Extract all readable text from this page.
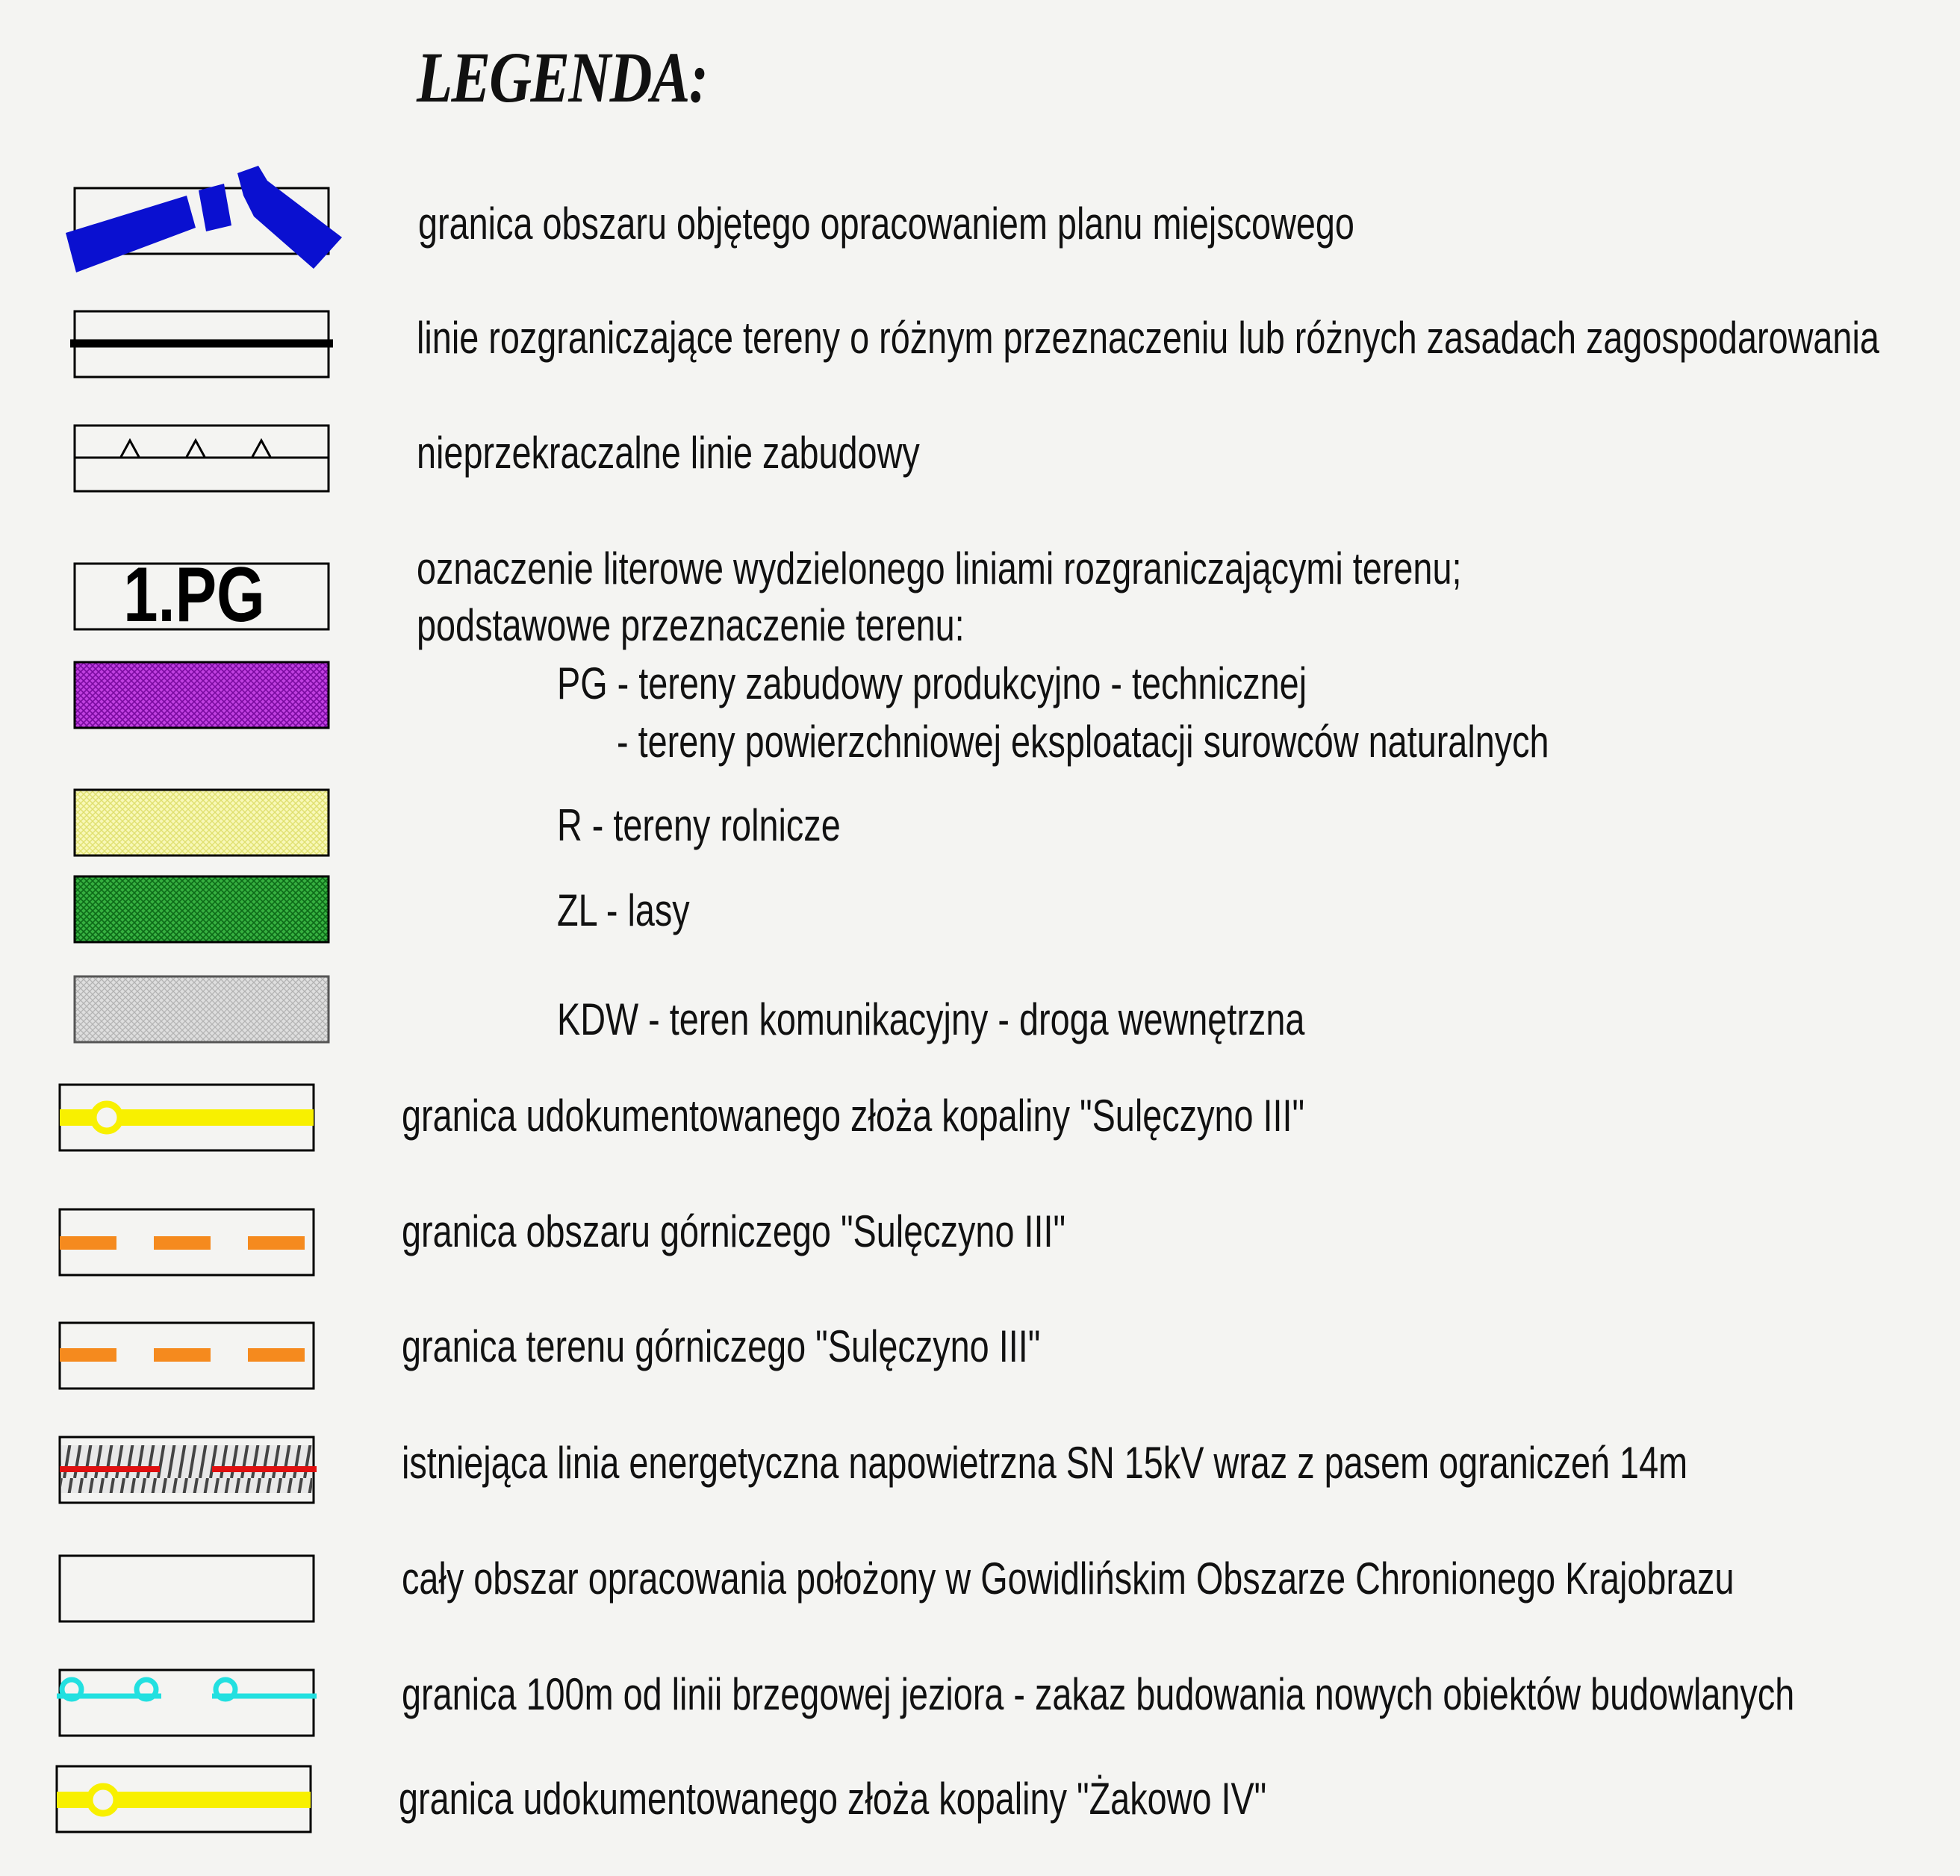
LEGENDA:
1.PG
granica obszaru objętego opracowaniem planu miejscowego
linie rozgraniczające tereny o różnym przeznaczeniu lub różnych zasadach zagospodarowania
nieprzekraczalne linie zabudowy
oznaczenie literowe wydzielonego liniami rozgraniczającymi terenu;
podstawowe przeznaczenie terenu:
PG - tereny zabudowy produkcyjno - technicznej
- tereny powierzchniowej eksploatacji surowców naturalnych
R - tereny rolnicze
ZL - lasy
KDW - teren komunikacyjny - droga wewnętrzna
granica udokumentowanego złoża kopaliny "Sulęczyno III"
granica obszaru górniczego "Sulęczyno III"
granica terenu górniczego "Sulęczyno III"
istniejąca linia energetyczna napowietrzna SN 15kV wraz z pasem ograniczeń 14m
cały obszar opracowania położony w Gowidlińskim Obszarze Chronionego Krajobrazu
granica 100m od linii brzegowej jeziora - zakaz budowania nowych obiektów budowlanych
granica udokumentowanego złoża kopaliny "Żakowo IV"
